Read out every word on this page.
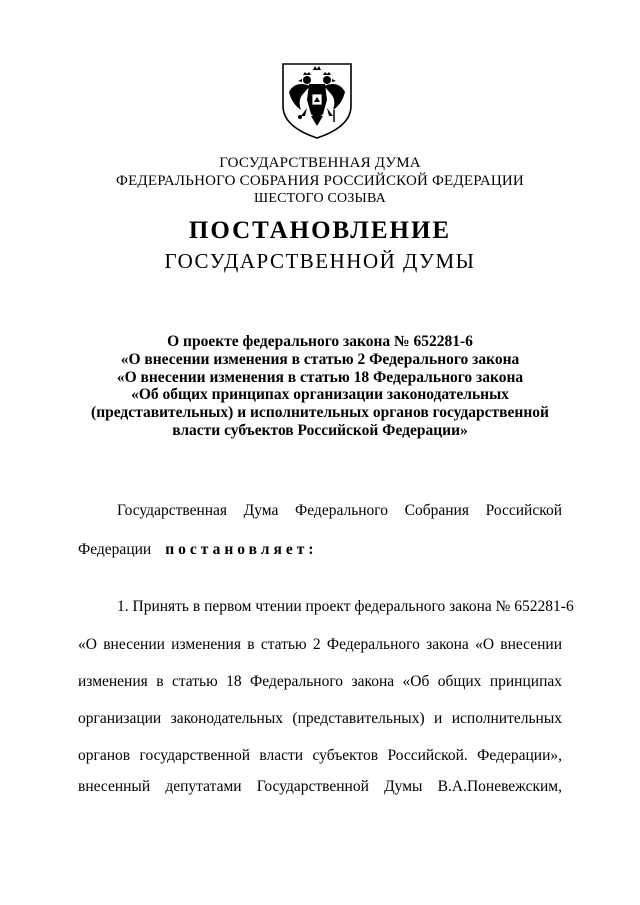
ГОСУДАРСТВЕННАЯ ДУМА
ФЕДЕРАЛЬНОГО СОБРАНИЯ РОССИЙСКОЙ ФЕДЕРАЦИИ
ШЕСТОГО СОЗЫВА
ПОСТАНОВЛЕНИЕ
ГОСУДАРСТВЕННОЙ ДУМЫ
О проекте федерального закона № 652281-6
«О внесении изменения в статью 2 Федерального закона
«О внесении изменения в статью 18 Федерального закона
«Об общих принципах организации законодательных
(представительных) и исполнительных органов государственной
власти субъектов Российской Федерации»
Государственная Дума Федерального Собрания Российской
Федерации постановляет:
1. Принять в первом чтении проект федерального закона № 652281-6
«О внесении изменения в статью 2 Федерального закона «О внесении
изменения в статью 18 Федерального закона «Об общих принципах
организации законодательных (представительных) и исполнительных
органов государственной власти субъектов Российской. Федерации»,
внесенный депутатами Государственной Думы В.А.Поневежским,
